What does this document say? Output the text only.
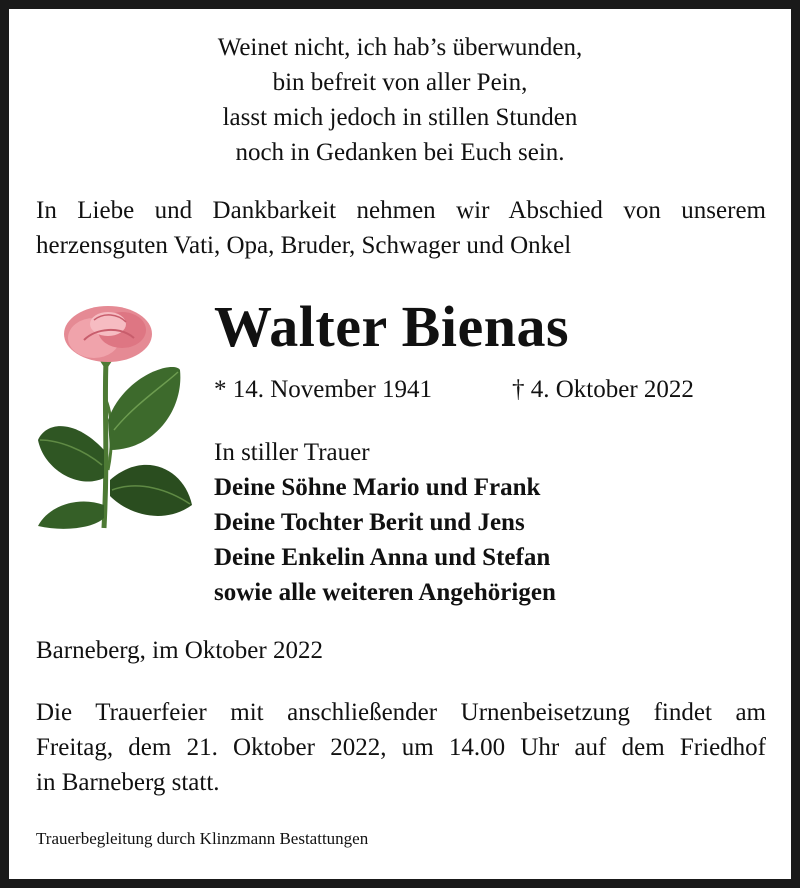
Weinet nicht, ich hab’s überwunden,
bin befreit von aller Pein,
lasst mich jedoch in stillen Stunden
noch in Gedanken bei Euch sein.
In Liebe und Dankbarkeit nehmen wir Abschied von unserem
herzensguten Vati, Opa, Bruder, Schwager und Onkel
Walter Bienas
* 14. November 1941	† 4. Oktober 2022
In stiller Trauer
Deine Söhne Mario und Frank
Deine Tochter Berit und Jens
Deine Enkelin Anna und Stefan
sowie alle weiteren Angehörigen
Barneberg, im Oktober 2022
Die Trauerfeier mit anschließender Urnenbeisetzung findet am
Freitag, dem 21. Oktober 2022, um 14.00 Uhr auf dem Friedhof
in Barneberg statt.
Trauerbegleitung durch Klinzmann Bestattungen
